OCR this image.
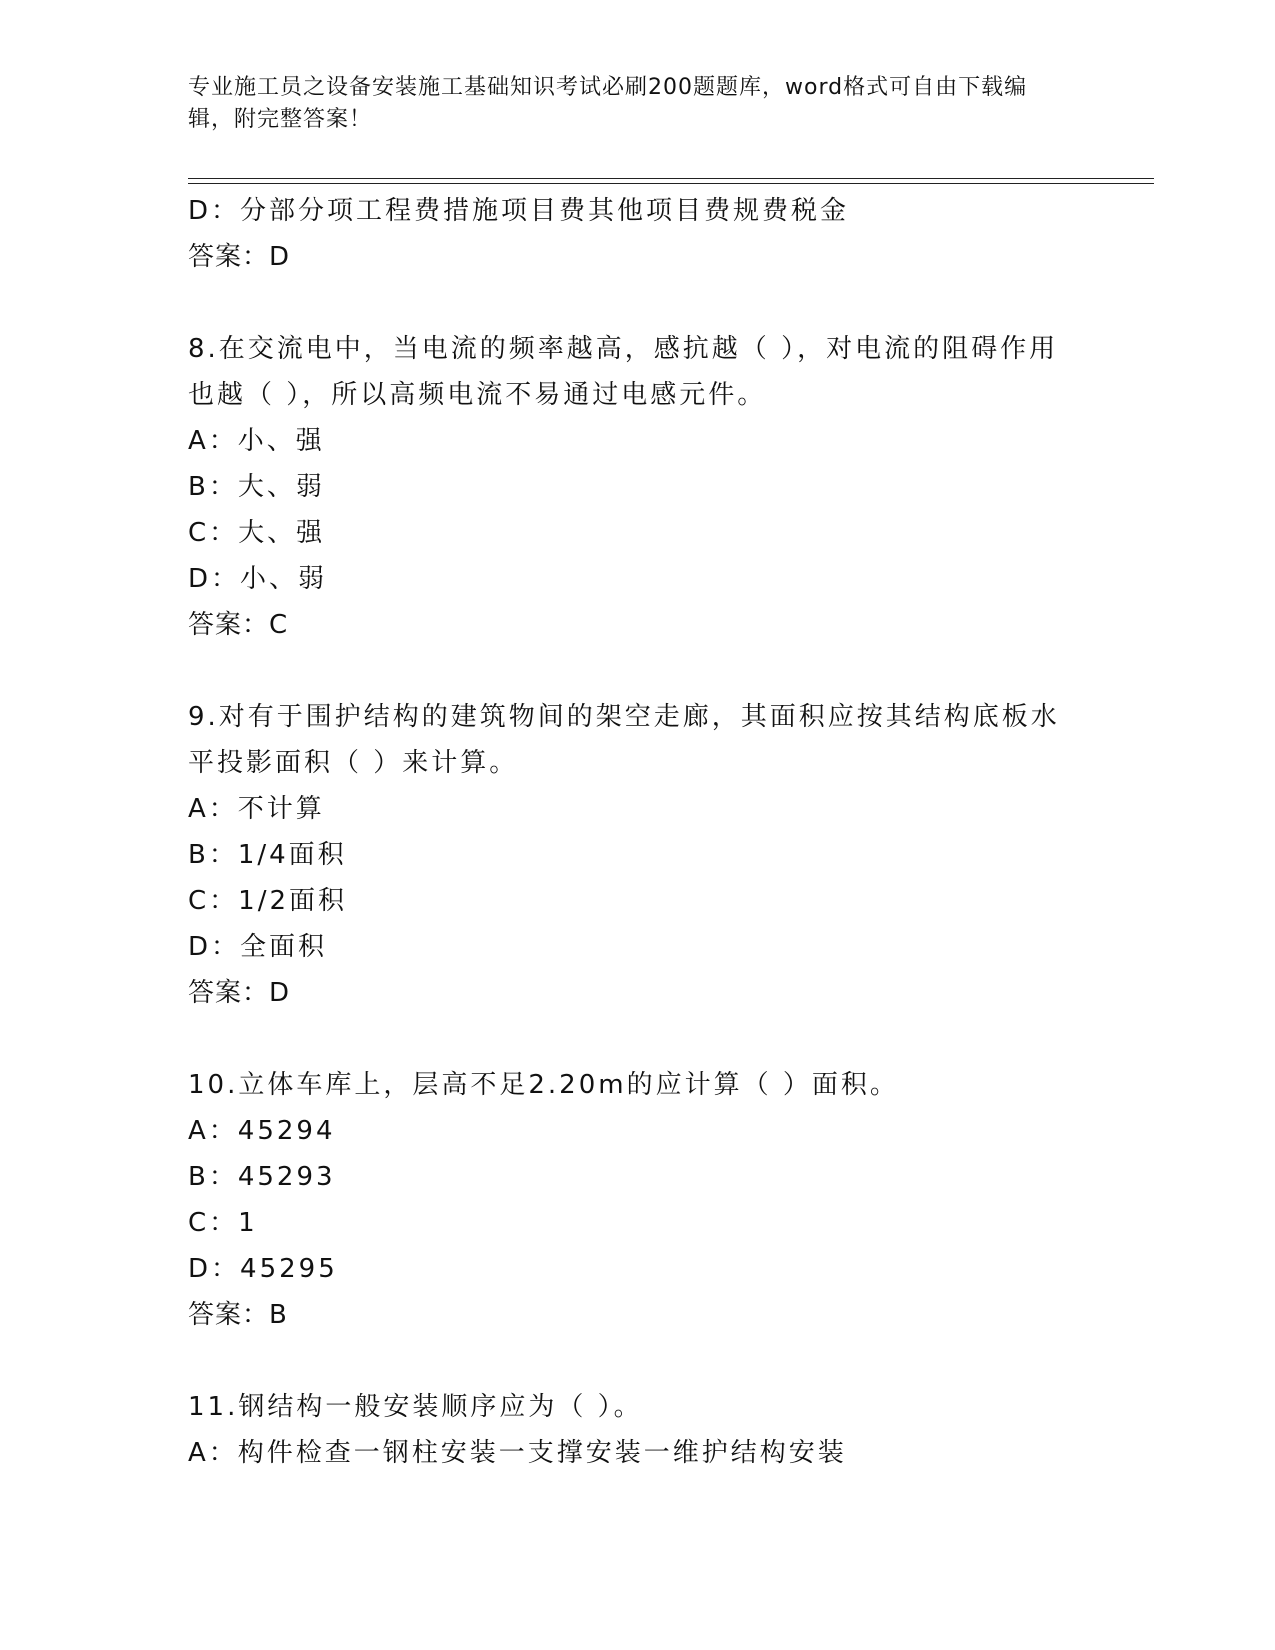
专业施工员之设备安装施工基础知识考试必刷200题题库，word格式可自由下载编辑，附完整答案！
D：分部分项工程费措施项目费其他项目费规费税金
答案：D
8.在交流电中，当电流的频率越高，感抗越（ ），对电流的阻碍作用也越（ ），所以高频电流不易通过电感元件。
A：小、强
B：大、弱
C：大、强
D：小、弱
答案：C
9.对有于围护结构的建筑物间的架空走廊，其面积应按其结构底板水平投影面积（ ）来计算。
A：不计算
B：1/4面积
C：1/2面积
D：全面积
答案：D
10.立体车库上，层高不足2.20m的应计算（ ）面积。
A：45294
B：45293
C：1
D：45295
答案：B
11.钢结构一般安装顺序应为（ ）。
A：构件检查一钢柱安装一支撑安装一维护结构安装
